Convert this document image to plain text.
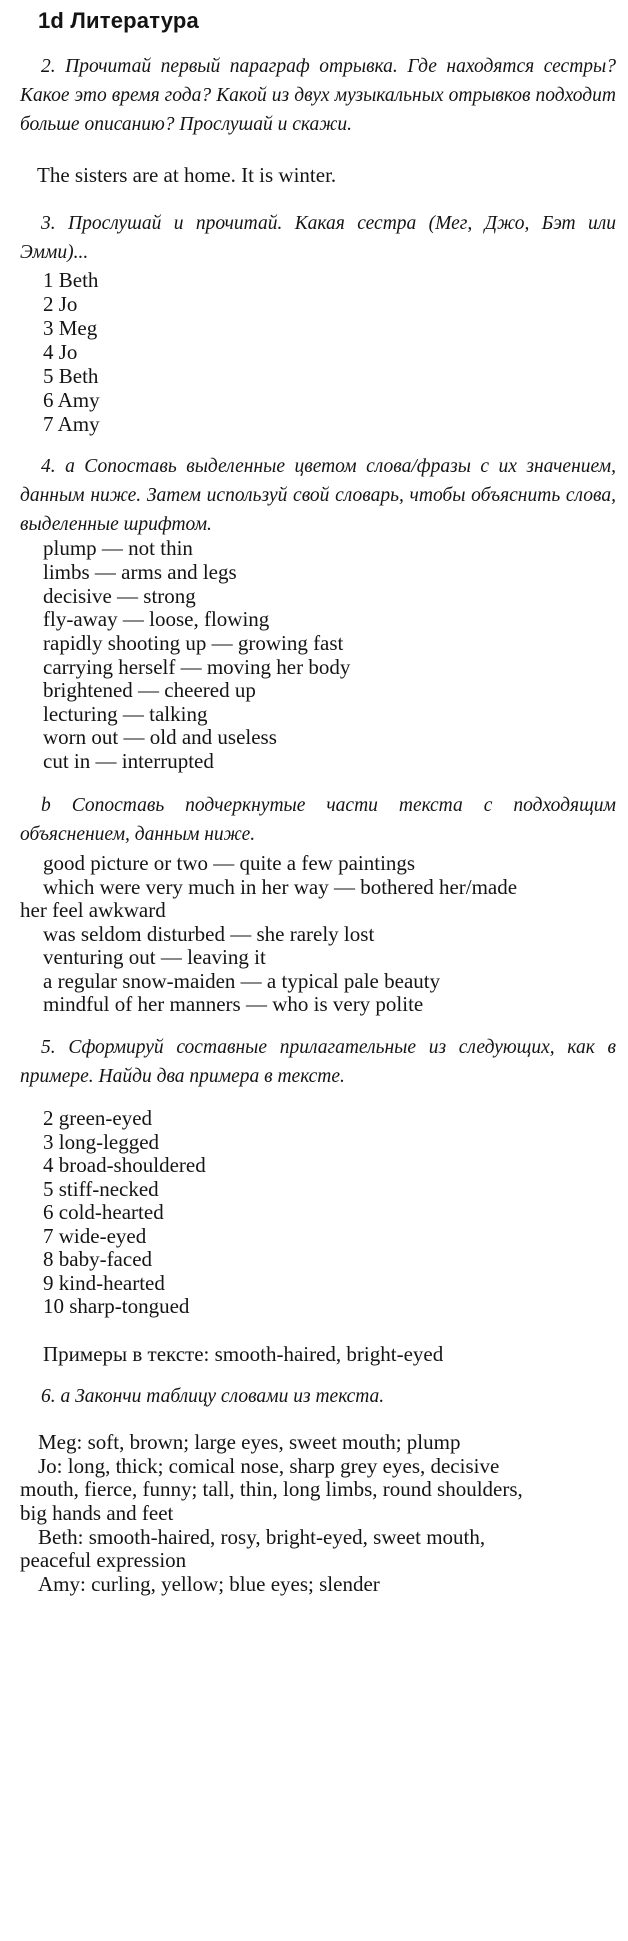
1d Литература
2. Прочитай первый параграф отрывка. Где находятся сестры? Какое это время года? Какой из двух музыкальных отрывков подходит больше описанию? Прослушай и скажи.
The sisters are at home. It is winter.
3. Прослушай и прочитай. Какая сестра (Мег, Джо, Бэт или Эмми)...
1 Beth
2 Jo
3 Meg
4 Jo
5 Beth
6 Amy
7 Amy
4. a Сопоставь выделенные цветом слова/фразы с их значением, данным ниже. Затем используй свой словарь, чтобы объяснить слова, выделенные шрифтом.
plump — not thin
limbs — arms and legs
decisive — strong
fly-away — loose, flowing
rapidly shooting up — growing fast
carrying herself — moving her body
brightened — cheered up
lecturing — talking
worn out — old and useless
cut in — interrupted
b Сопоставь подчеркнутые части текста с подходящим объяснением, данным ниже.
good picture or two — quite a few paintings
which were very much in her way — bothered her/made
her feel awkward
was seldom disturbed — she rarely lost
venturing out — leaving it
a regular snow-maiden — a typical pale beauty
mindful of her manners — who is very polite
5. Сформируй составные прилагательные из следующих, как в примере. Найди два примера в тексте.
2 green-eyed
3 long-legged
4 broad-shouldered
5 stiff-necked
6 cold-hearted
7 wide-eyed
8 baby-faced
9 kind-hearted
10 sharp-tongued
Примеры в тексте: smooth-haired, bright-eyed
6. a Закончи таблицу словами из текста.
Meg: soft, brown; large eyes, sweet mouth; plump
Jo: long, thick; comical nose, sharp grey eyes, decisive
mouth, fierce, funny; tall, thin, long limbs, round shoulders,
big hands and feet
Beth: smooth-haired, rosy, bright-eyed, sweet mouth,
peaceful expression
Amy: curling, yellow; blue eyes; slender
